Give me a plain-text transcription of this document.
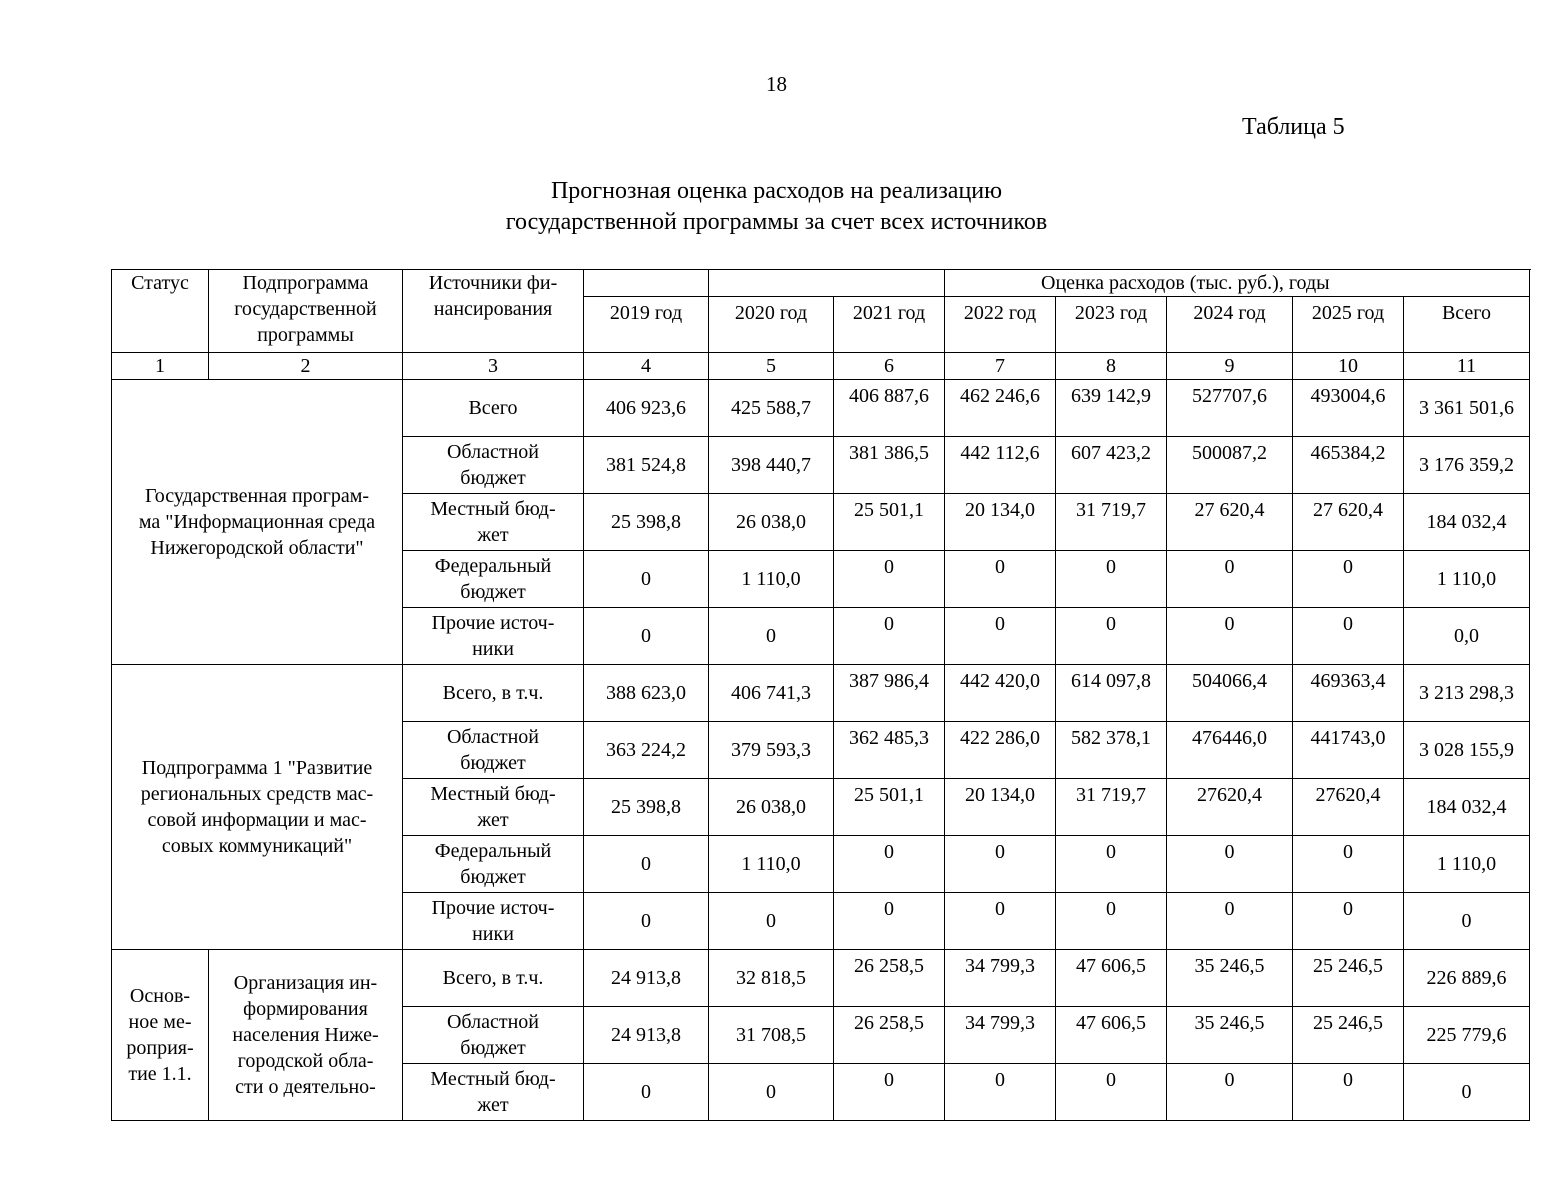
18
Таблица 5
Прогнозная оценка расходов на реализацию
государственной программы за счет всех источников
Статус	Подпрограмма
государственной
программы	Источники фи-
нансирования				Оценка расходов (тыс. руб.), годы				
			2019 год	2020 год	2021 год	2022 год	2023 год	2024 год	2025 год	Всего
1	2	3	4	5	6	7	8	9	10	11
Государственная програм-
ма "Информационная среда
Нижегородской области"		Всего	406 923,6	425 588,7	406 887,6	462 246,6	639 142,9	527707,6	493004,6	3 361 501,6
		Областной
бюджет	381 524,8	398 440,7	381 386,5	442 112,6	607 423,2	500087,2	465384,2	3 176 359,2
		Местный бюд-
жет	25 398,8	26 038,0	25 501,1	20 134,0	31 719,7	27 620,4	27 620,4	184 032,4
		Федеральный
бюджет	0	1 110,0	0	0	0	0	0	1 110,0
		Прочие источ-
ники	0	0	0	0	0	0	0	0,0
Подпрограмма 1 "Развитие
региональных средств мас-
совой информации и мас-
совых коммуникаций"		Всего, в т.ч.	388 623,0	406 741,3	387 986,4	442 420,0	614 097,8	504066,4	469363,4	3 213 298,3
		Областной
бюджет	363 224,2	379 593,3	362 485,3	422 286,0	582 378,1	476446,0	441743,0	3 028 155,9
		Местный бюд-
жет	25 398,8	26 038,0	25 501,1	20 134,0	31 719,7	27620,4	27620,4	184 032,4
		Федеральный
бюджет	0	1 110,0	0	0	0	0	0	1 110,0
		Прочие источ-
ники	0	0	0	0	0	0	0	0
Основ-
ное ме-
роприя-
тие 1.1.	Организация ин-
формирования
населения Ниже-
городской обла-
сти о деятельно-	Всего, в т.ч.	24 913,8	32 818,5	26 258,5	34 799,3	47 606,5	35 246,5	25 246,5	226 889,6
		Областной
бюджет	24 913,8	31 708,5	26 258,5	34 799,3	47 606,5	35 246,5	25 246,5	225 779,6
		Местный бюд-
жет	0	0	0	0	0	0	0	0
